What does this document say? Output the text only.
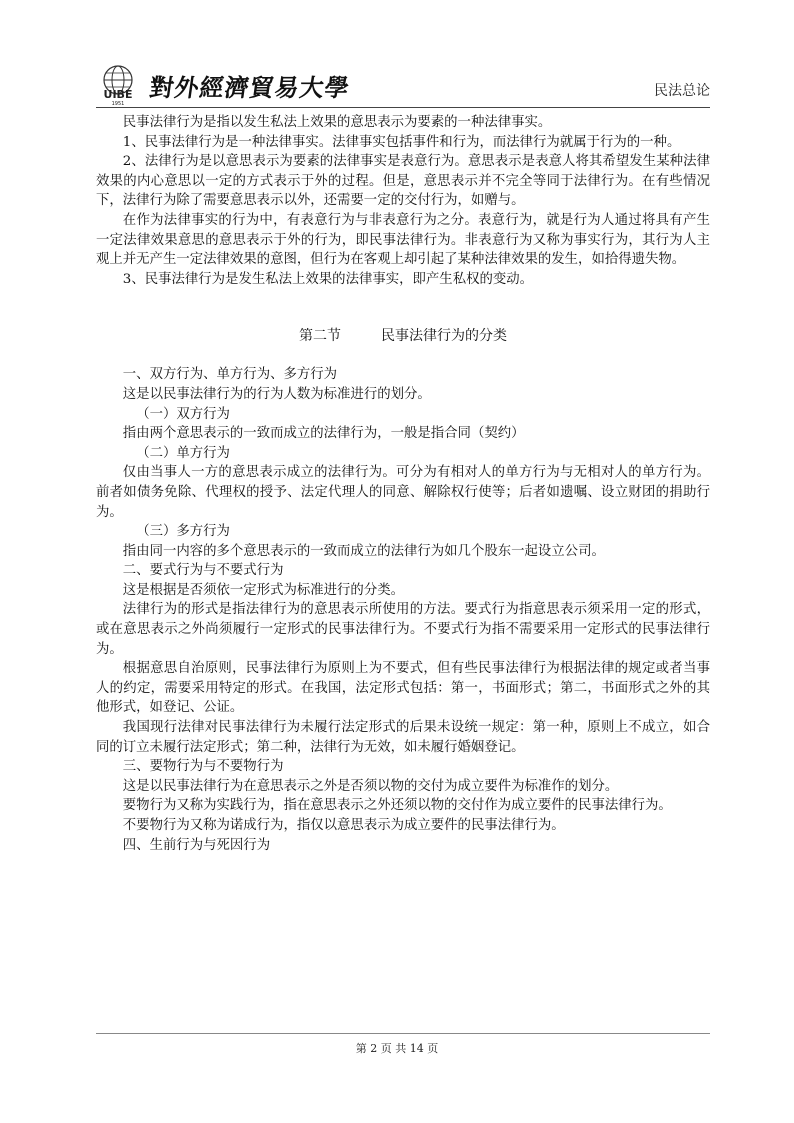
UIBE
1951
對外經濟貿易大學	民法总论

民事法律行为是指以发生私法上效果的意思表示为要素的一种法律事实。

1、民事法律行为是一种法律事实。法律事实包括事件和行为，而法律行为就属于行为的一种。

2、法律行为是以意思表示为要素的法律事实是表意行为。意思表示是表意人将其希望发生某种法律效果的内心意思以一定的方式表示于外的过程。但是，意思表示并不完全等同于法律行为。在有些情况下，法律行为除了需要意思表示以外，还需要一定的交付行为，如赠与。

在作为法律事实的行为中，有表意行为与非表意行为之分。表意行为，就是行为人通过将具有产生一定法律效果意思的意思表示于外的行为，即民事法律行为。非表意行为又称为事实行为，其行为人主观上并无产生一定法律效果的意图，但行为在客观上却引起了某种法律效果的发生，如拾得遗失物。

3、民事法律行为是发生私法上效果的法律事实，即产生私权的变动。

第二节	民事法律行为的分类

一、双方行为、单方行为、多方行为

这是以民事法律行为的行为人数为标准进行的划分。

（一）双方行为

指由两个意思表示的一致而成立的法律行为，一般是指合同（契约）

（二）单方行为

仅由当事人一方的意思表示成立的法律行为。可分为有相对人的单方行为与无相对人的单方行为。前者如债务免除、代理权的授予、法定代理人的同意、解除权行使等；后者如遗嘱、设立财团的捐助行为。

（三）多方行为

指由同一内容的多个意思表示的一致而成立的法律行为如几个股东一起设立公司。

二、要式行为与不要式行为

这是根据是否须依一定形式为标准进行的分类。

法律行为的形式是指法律行为的意思表示所使用的方法。要式行为指意思表示须采用一定的形式，或在意思表示之外尚须履行一定形式的民事法律行为。不要式行为指不需要采用一定形式的民事法律行为。

根据意思自治原则，民事法律行为原则上为不要式，但有些民事法律行为根据法律的规定或者当事人的约定，需要采用特定的形式。在我国，法定形式包括：第一，书面形式；第二，书面形式之外的其他形式，如登记、公证。

我国现行法律对民事法律行为未履行法定形式的后果未设统一规定：第一种，原则上不成立，如合同的订立未履行法定形式；第二种，法律行为无效，如未履行婚姻登记。

三、要物行为与不要物行为

这是以民事法律行为在意思表示之外是否须以物的交付为成立要件为标准作的划分。

要物行为又称为实践行为，指在意思表示之外还须以物的交付作为成立要件的民事法律行为。

不要物行为又称为诺成行为，指仅以意思表示为成立要件的民事法律行为。

四、生前行为与死因行为

第 2 页 共 14 页
